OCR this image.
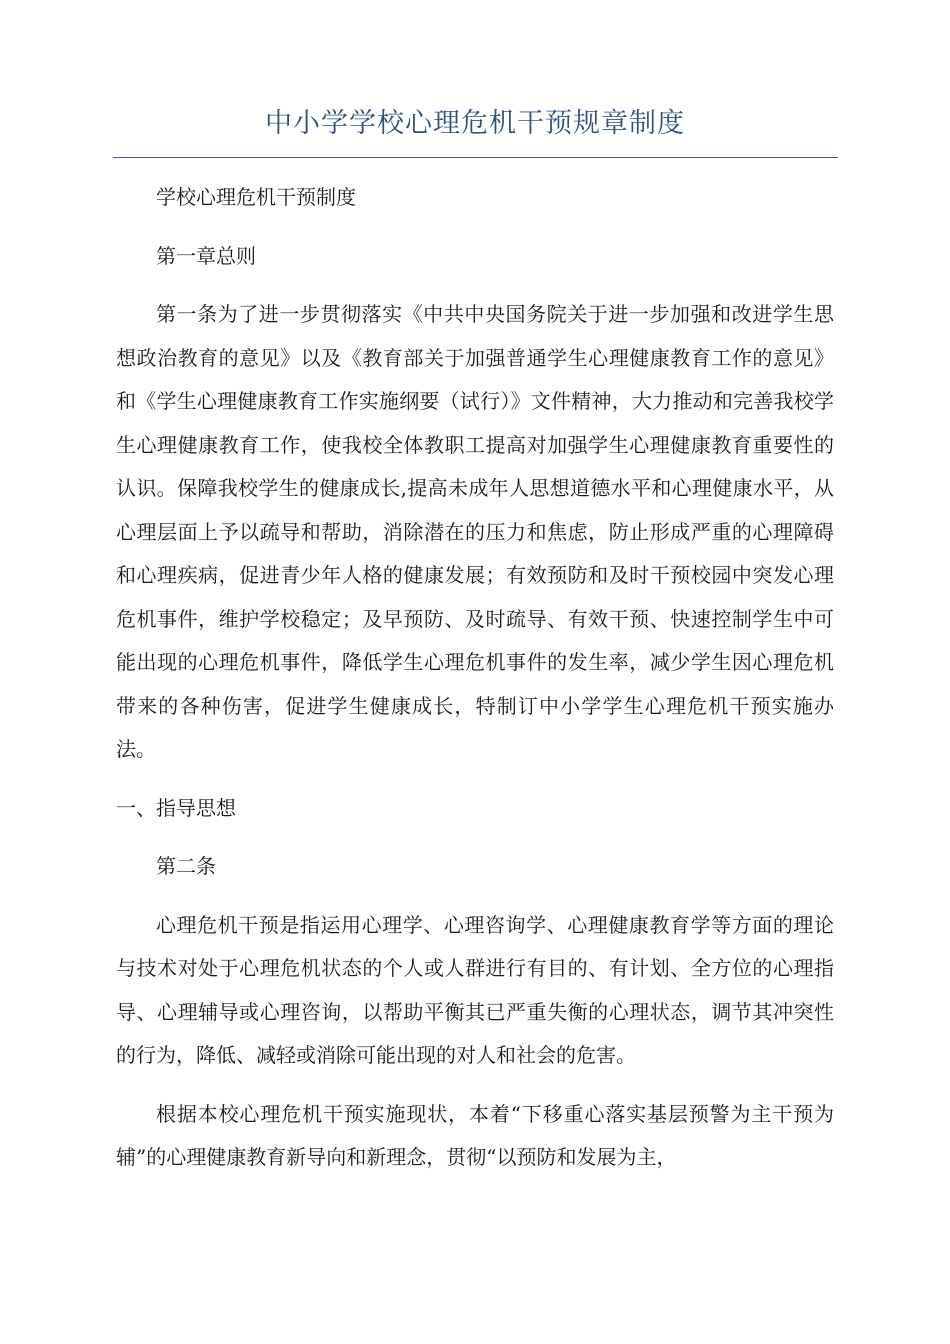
中小学学校心理危机干预规章制度

学校心理危机干预制度

第一章总则

第一条为了进一步贯彻落实《中共中央国务院关于进一步加强和改进学生思想政治教育的意见》以及《教育部关于加强普通学生心理健康教育工作的意见》和《学生心理健康教育工作实施纲要（试行）》文件精神，大力推动和完善我校学生心理健康教育工作，使我校全体教职工提高对加强学生心理健康教育重要性的认识。保障我校学生的健康成长,提高未成年人思想道德水平和心理健康水平，从心理层面上予以疏导和帮助，消除潜在的压力和焦虑，防止形成严重的心理障碍和心理疾病，促进青少年人格的健康发展；有效预防和及时干预校园中突发心理危机事件，维护学校稳定；及早预防、及时疏导、有效干预、快速控制学生中可能出现的心理危机事件，降低学生心理危机事件的发生率，减少学生因心理危机带来的各种伤害，促进学生健康成长，特制订中小学学生心理危机干预实施办法。

一、指导思想

第二条

心理危机干预是指运用心理学、心理咨询学、心理健康教育学等方面的理论与技术对处于心理危机状态的个人或人群进行有目的、有计划、全方位的心理指导、心理辅导或心理咨询，以帮助平衡其已严重失衡的心理状态，调节其冲突性的行为，降低、减轻或消除可能出现的对人和社会的危害。

根据本校心理危机干预实施现状，本着“下移重心落实基层预警为主干预为辅”的心理健康教育新导向和新理念，贯彻“以预防和发展为主，
